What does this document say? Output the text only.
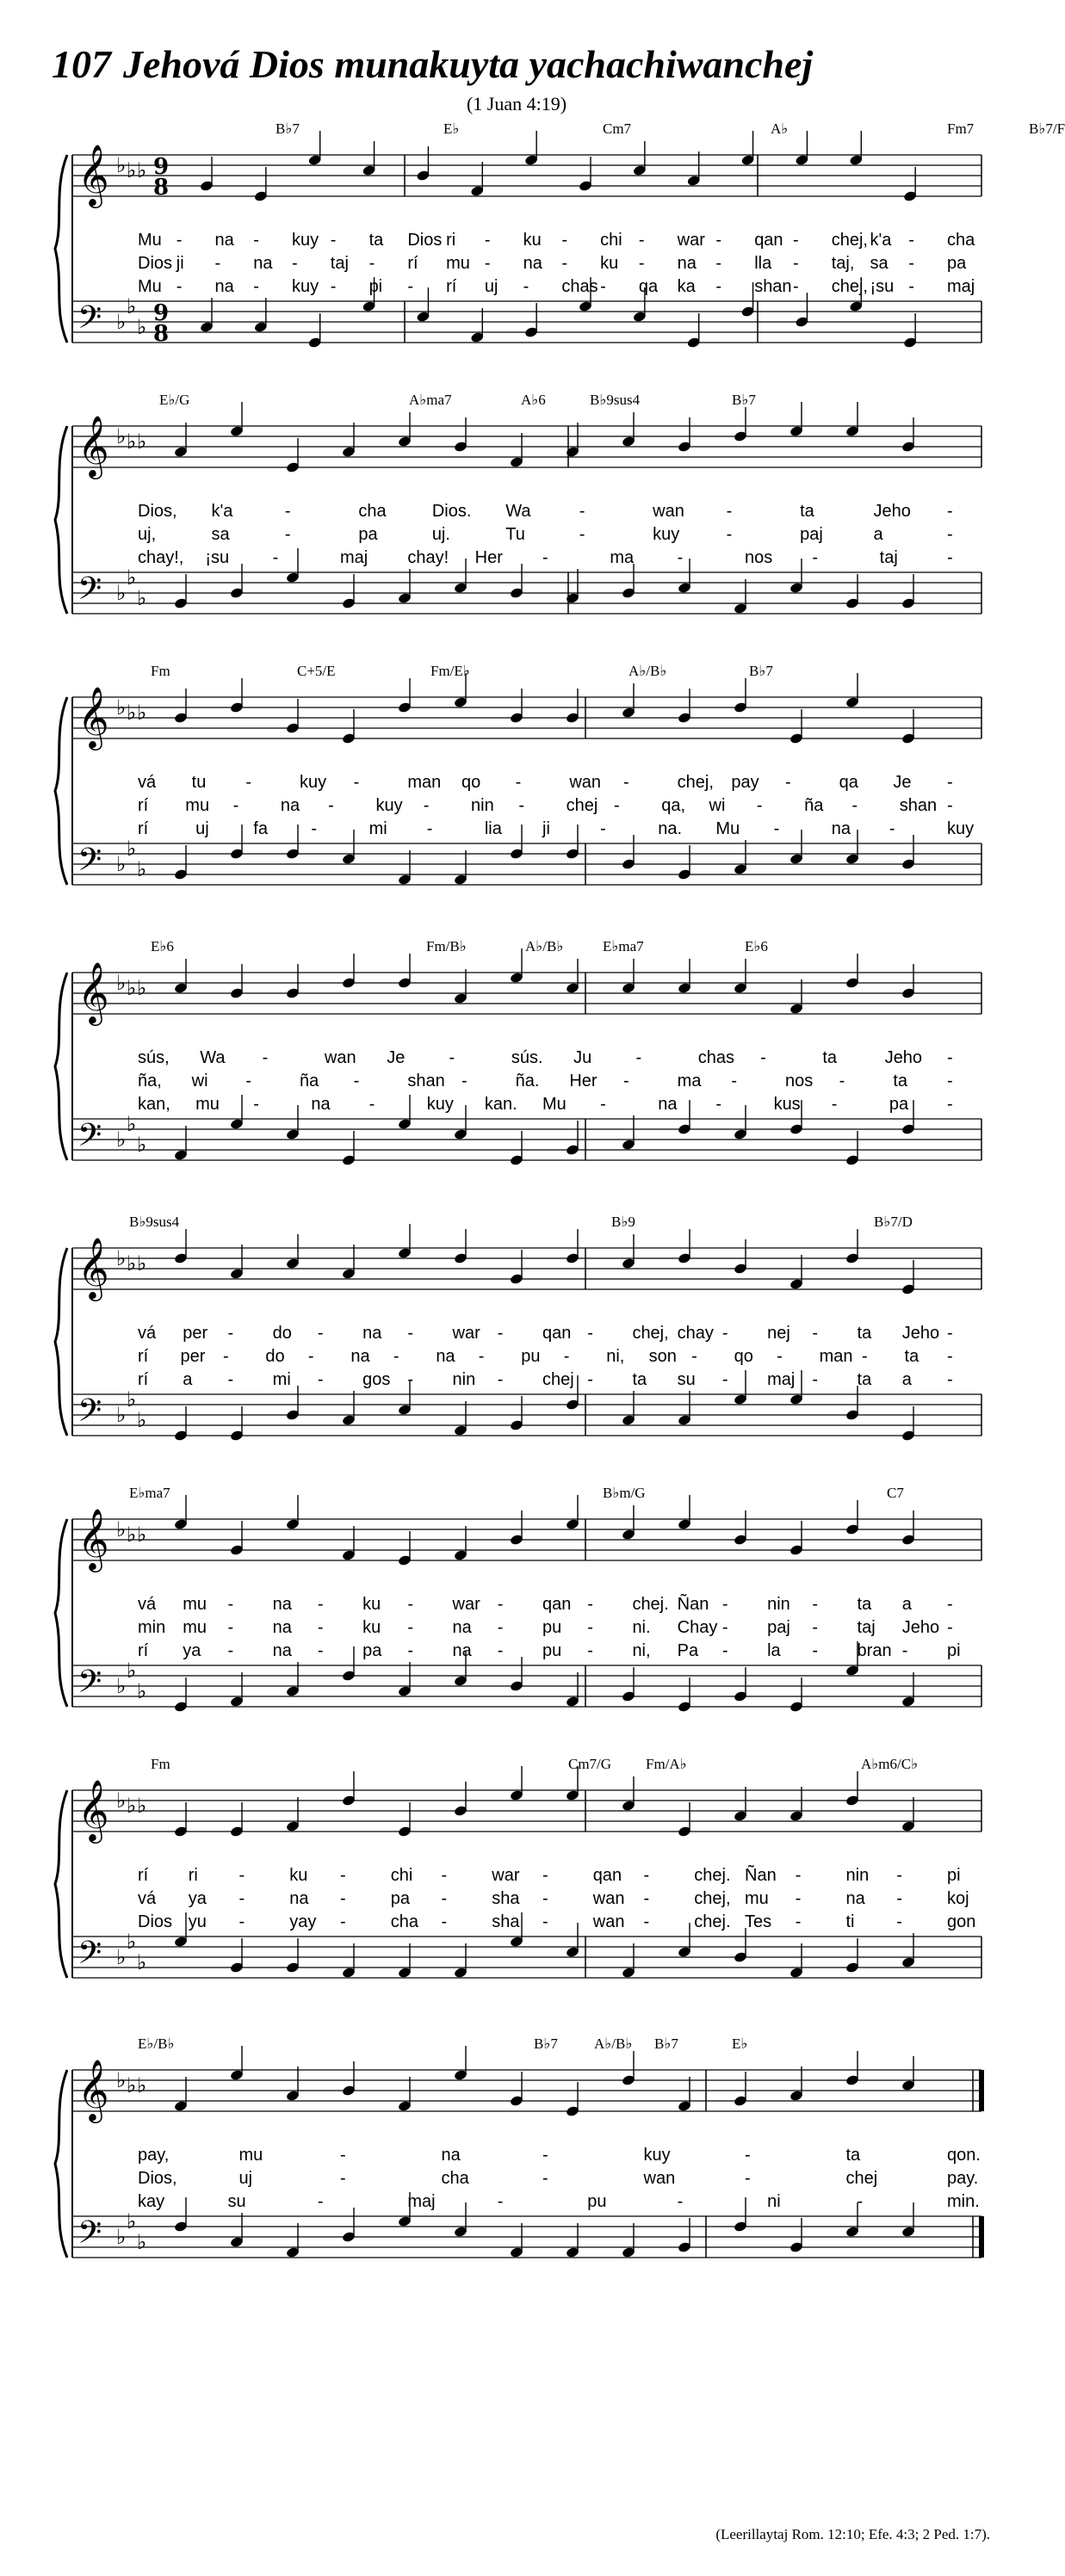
107 Jehová Dios munakuyta yachachiwanchej
(1 Juan 4:19)
B♭7	E♭	Cm7	A♭	Fm7	B♭7/F
𝄞
𝄢
♭ ♭ ♭
♭
♭
♭
9
8
9
8
Mu - na - kuy - ta Dios ri - ku - chi - war - qan - chej, k'a - cha
Dios ji - na - taj - rí mu - na - ku - na - lla - taj, sa - pa
Mu - na - kuy - pi - rí uj - chas - qa ka - shan - chej, ¡su - maj
E♭/G	A♭ma7	A♭6	B♭9sus4	B♭7
𝄞
𝄢
♭ ♭ ♭
♭
♭
♭
Dios, k'a	-	cha	Dios. Wa	-	wan -	ta	Jeho -
uj,	sa	-	pa	uj.	Tu	-	kuy	-	paj	a	-
chay!, ¡su	-	maj chay! Her -	ma	-	nos -	taj	-
Fm	C+5/E	Fm/E♭	A♭/B♭	B♭7
𝄞
𝄢
♭ ♭ ♭
♭
♭
♭
vá tu -	kuy -	man qo -	wan -	chej, pay -	qa Je -
rí mu - na - kuy - nin - chej - qa, wi - ña - shan -
rí	uj	fa	-	mi -	lia ji	-	na. Mu -	na -	kuy
E♭6	Fm/B♭	A♭/B♭	E♭ma7	E♭6
𝄞
𝄢
♭ ♭ ♭
♭
♭
♭
sús, Wa -	wan Je	-	sús. Ju	-	chas -	ta	Jeho -
ña, wi -	ña -	shan -	ña. Her -	ma -	nos -	ta -
kan, mu -	na -	kuy kan. Mu -	na -	kus -	pa -
B♭9sus4	B♭9	B♭7/D
𝄞
𝄢
♭ ♭ ♭
♭
♭
♭
vá per - do - na - war - qan - chej, chay - nej - ta Jeho -
rí per - do - na - na - pu - ni, son - qo - man - ta -
rí a - mi - gos - nin - chej - ta su - maj - ta a -
E♭ma7	B♭m/G	C7
𝄞
𝄢
♭ ♭ ♭
♭
♭
♭
vá mu - na - ku - war - qan - chej. Ñan - nin - ta a -
min mu - na - ku - na - pu - ni. Chay - paj - taj Jeho -
rí ya - na - pa - na - pu - ni, Pa - la - bran - pi
Fm	Cm7/G Fm/A♭	A♭m6/C♭
𝄞
𝄢
♭ ♭ ♭
♭
♭
♭
rí ri -	ku -	chi -	war -	qan -	chej. Ñan -	nin -	pi
vá ya -	na -	pa -	sha -	wan -	chej, mu -	na -	koj
Dios yu -	yay -	cha -	sha -	wan -	chej. Tes -	ti -	gon
E♭/B♭	B♭7 A♭/B♭ B♭7	E♭
𝄞
𝄢
♭ ♭ ♭
♭
♭
♭
pay,	mu	-	na	-	kuy	-	ta	qon.
Dios,	uj	-	cha	-	wan	-	chej	pay.
kay	su	-	maj	-	pu	-	ni	-	min.
(Leerillaytaj Rom. 12:10; Efe. 4:3; 2 Ped. 1:7).
